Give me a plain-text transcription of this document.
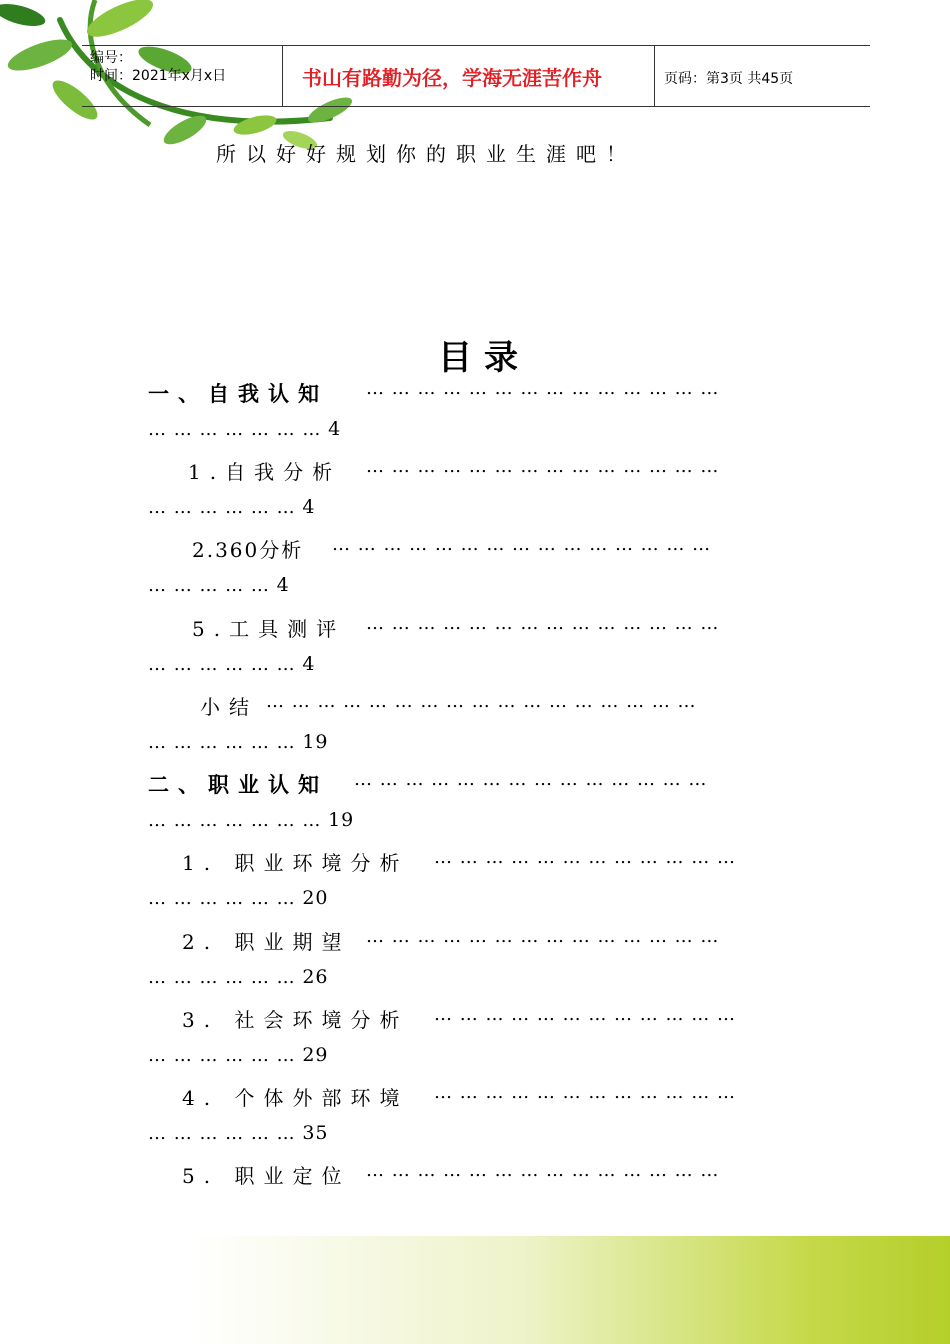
编号：
时间：2021年x月x日	书山有路勤为径，学海无涯苦作舟	页码：第3页 共45页
所以好好规划你的职业生涯吧！
目录
一、自我认知 … … … … … … … … … … … … … …
… … … … … … … 4
1.自我分析 … … … … … … … … … … … … … …
… … … … … … 4
2.360分析 … … … … … … … … … … … … … … …
… … … … … 4
5.工具测评 … … … … … … … … … … … … … …
… … … … … … 4
小结 … … … … … … … … … … … … … … … … …
… … … … … … 19
二、职业认知 … … … … … … … … … … … … … …
… … … … … … … 19
1. 职业环境分析 … … … … … … … … … … … …
… … … … … … 20
2. 职业期望 … … … … … … … … … … … … … …
… … … … … … 26
3. 社会环境分析 … … … … … … … … … … … …
… … … … … … 29
4. 个体外部环境 … … … … … … … … … … … …
… … … … … … 35
5. 职业定位 … … … … … … … … … … … … … …
